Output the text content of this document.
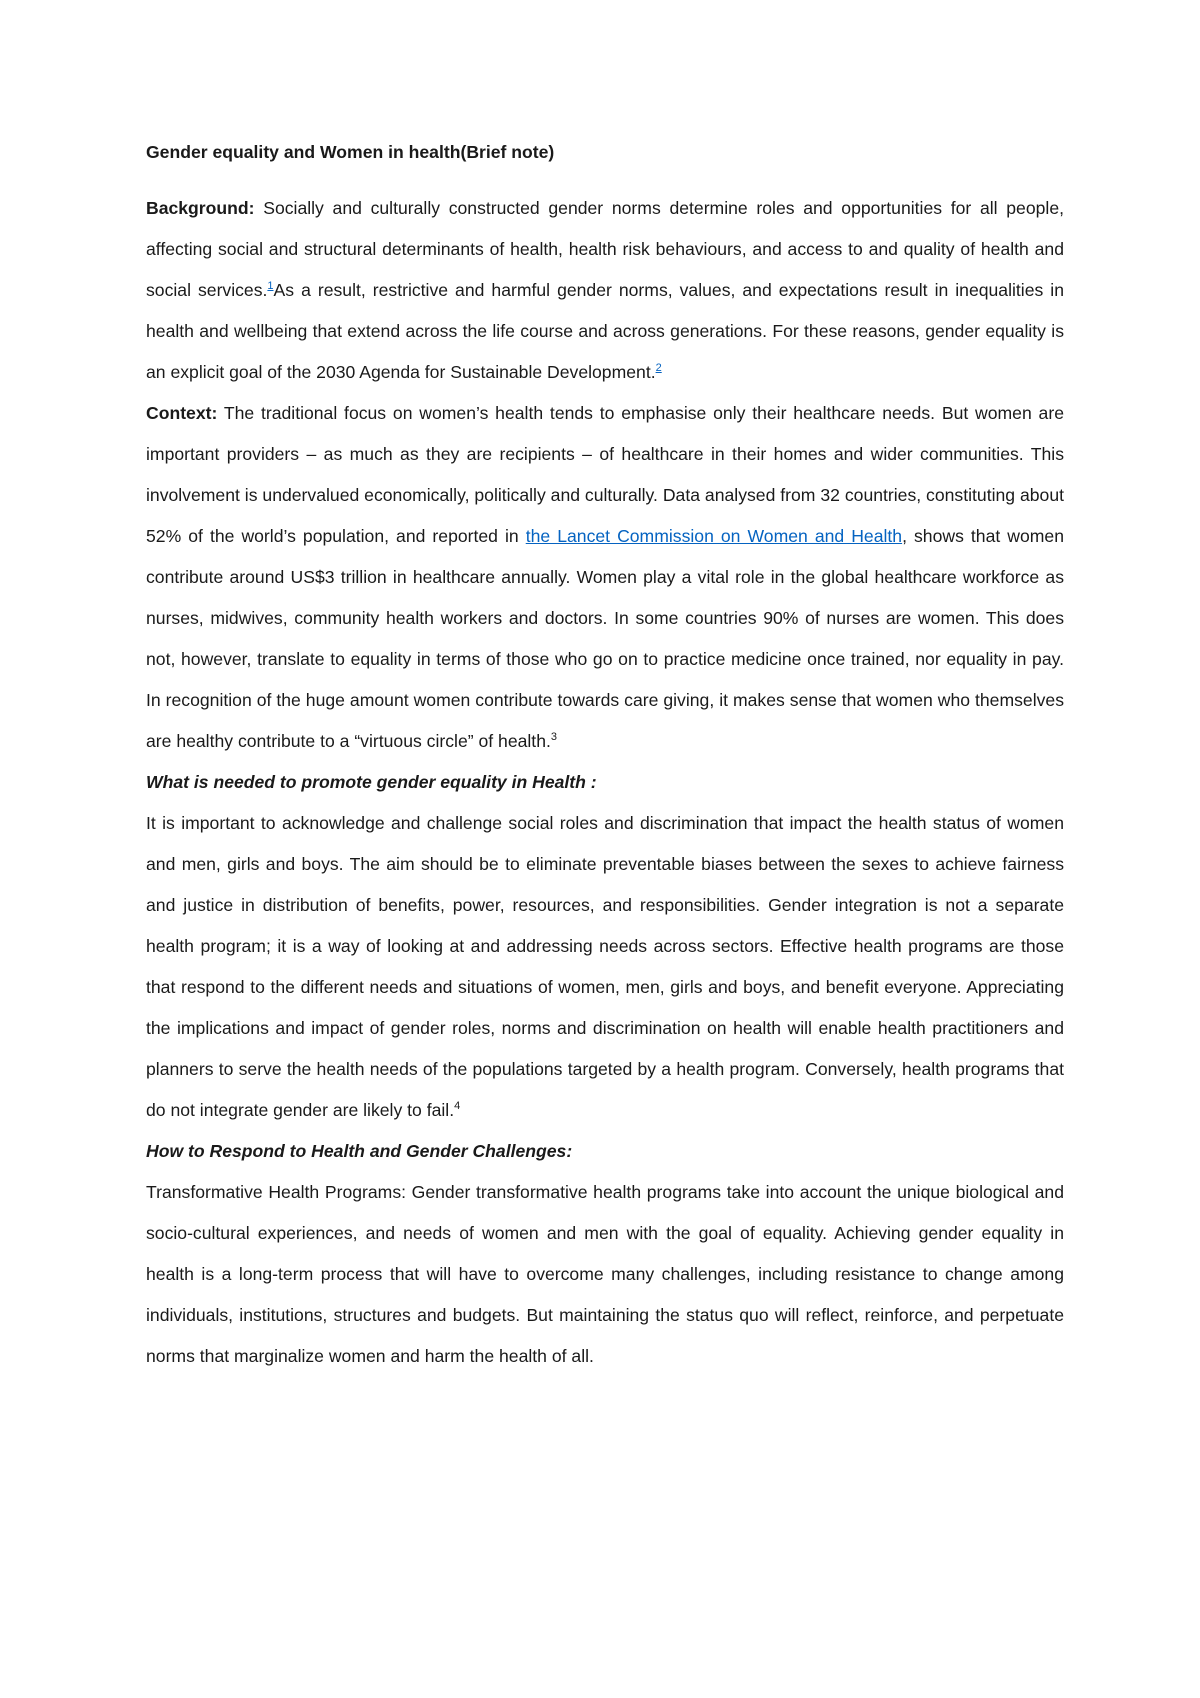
Gender equality and Women in health(Brief note)

Background: Socially and culturally constructed gender norms determine roles and opportunities for all people, affecting social and structural determinants of health, health risk behaviours, and access to and quality of health and social services.$^1$As a result, restrictive and harmful gender norms, values, and expectations result in inequalities in health and wellbeing that extend across the life course and across generations. For these reasons, gender equality is an explicit goal of the 2030 Agenda for Sustainable Development.$^2$

Context: The traditional focus on women’s health tends to emphasise only their healthcare needs. But women are important providers – as much as they are recipients – of healthcare in their homes and wider communities. This involvement is undervalued economically, politically and culturally. Data analysed from 32 countries, constituting about 52% of the world’s population, and reported in the Lancet Commission on Women and Health, shows that women contribute around US$3 trillion in healthcare annually. Women play a vital role in the global healthcare workforce as nurses, midwives, community health workers and doctors. In some countries 90% of nurses are women. This does not, however, translate to equality in terms of those who go on to practice medicine once trained, nor equality in pay. In recognition of the huge amount women contribute towards care giving, it makes sense that women who themselves are healthy contribute to a “virtuous circle” of health.$^3$

What is needed to promote gender equality in Health :

It is important to acknowledge and challenge social roles and discrimination that impact the health status of women and men, girls and boys. The aim should be to eliminate preventable biases between the sexes to achieve fairness and justice in distribution of benefits, power, resources, and responsibilities. Gender integration is not a separate health program; it is a way of looking at and addressing needs across sectors. Effective health programs are those that respond to the different needs and situations of women, men, girls and boys, and benefit everyone. Appreciating the implications and impact of gender roles, norms and discrimination on health will enable health practitioners and planners to serve the health needs of the populations targeted by a health program. Conversely, health programs that do not integrate gender are likely to fail.$^4$

How to Respond to Health and Gender Challenges:

Transformative Health Programs: Gender transformative health programs take into account the unique biological and socio-cultural experiences, and needs of women and men with the goal of equality. Achieving gender equality in health is a long-term process that will have to overcome many challenges, including resistance to change among individuals, institutions, structures and budgets. But maintaining the status quo will reflect, reinforce, and perpetuate norms that marginalize women and harm the health of all.
